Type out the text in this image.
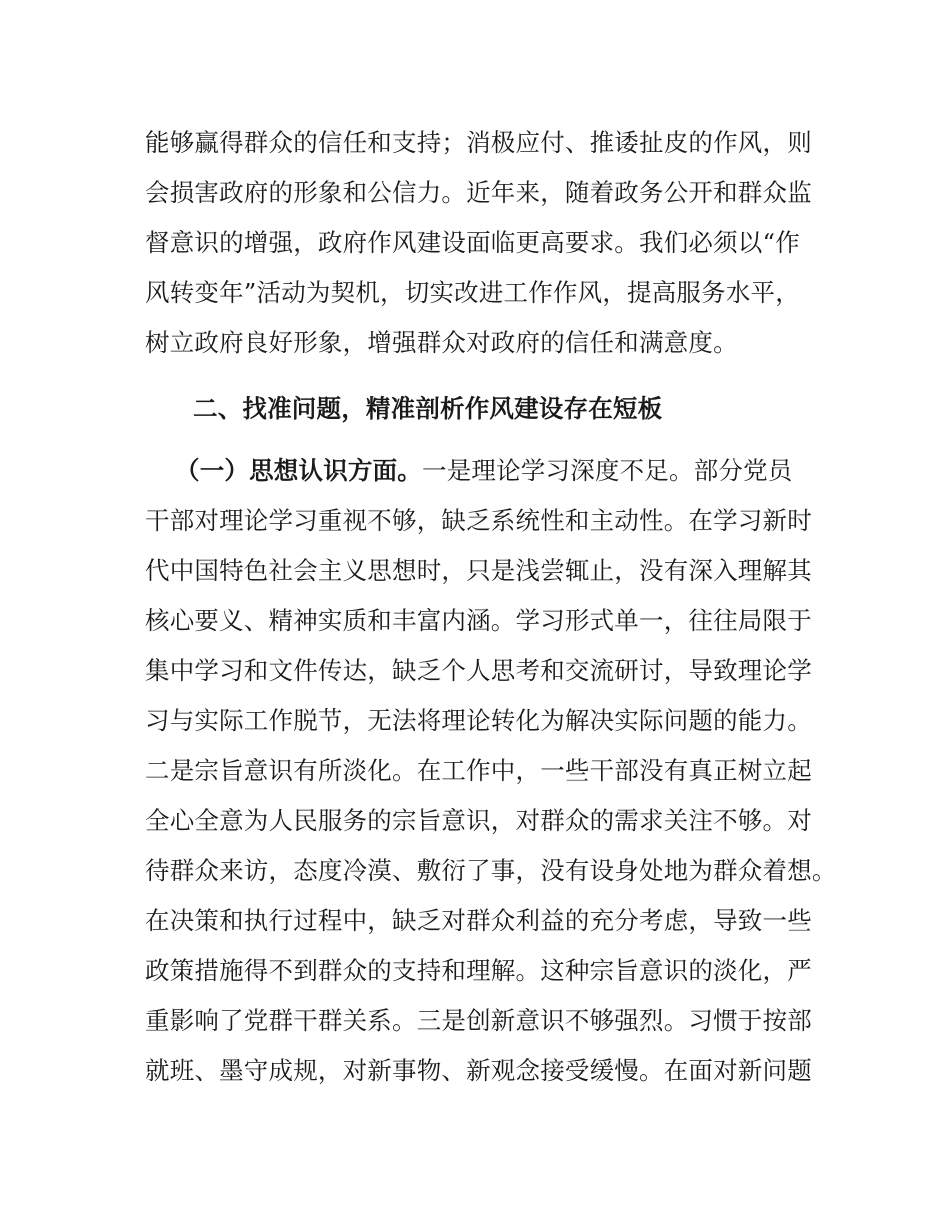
能够赢得群众的信任和支持；消极应付、推诿扯皮的作风，则
会损害政府的形象和公信力。近年来，随着政务公开和群众监
督意识的增强，政府作风建设面临更高要求。我们必须以“作
风转变年”活动为契机，切实改进工作作风，提高服务水平，
树立政府良好形象，增强群众对政府的信任和满意度。
二、找准问题，精准剖析作风建设存在短板
（一）思想认识方面。一是理论学习深度不足。部分党员
干部对理论学习重视不够，缺乏系统性和主动性。在学习新时
代中国特色社会主义思想时，只是浅尝辄止，没有深入理解其
核心要义、精神实质和丰富内涵。学习形式单一，往往局限于
集中学习和文件传达，缺乏个人思考和交流研讨，导致理论学
习与实际工作脱节，无法将理论转化为解决实际问题的能力。
二是宗旨意识有所淡化。在工作中，一些干部没有真正树立起
全心全意为人民服务的宗旨意识，对群众的需求关注不够。对
待群众来访，态度冷漠、敷衍了事，没有设身处地为群众着想。
在决策和执行过程中，缺乏对群众利益的充分考虑，导致一些
政策措施得不到群众的支持和理解。这种宗旨意识的淡化，严
重影响了党群干群关系。三是创新意识不够强烈。习惯于按部
就班、墨守成规，对新事物、新观念接受缓慢。在面对新问题
